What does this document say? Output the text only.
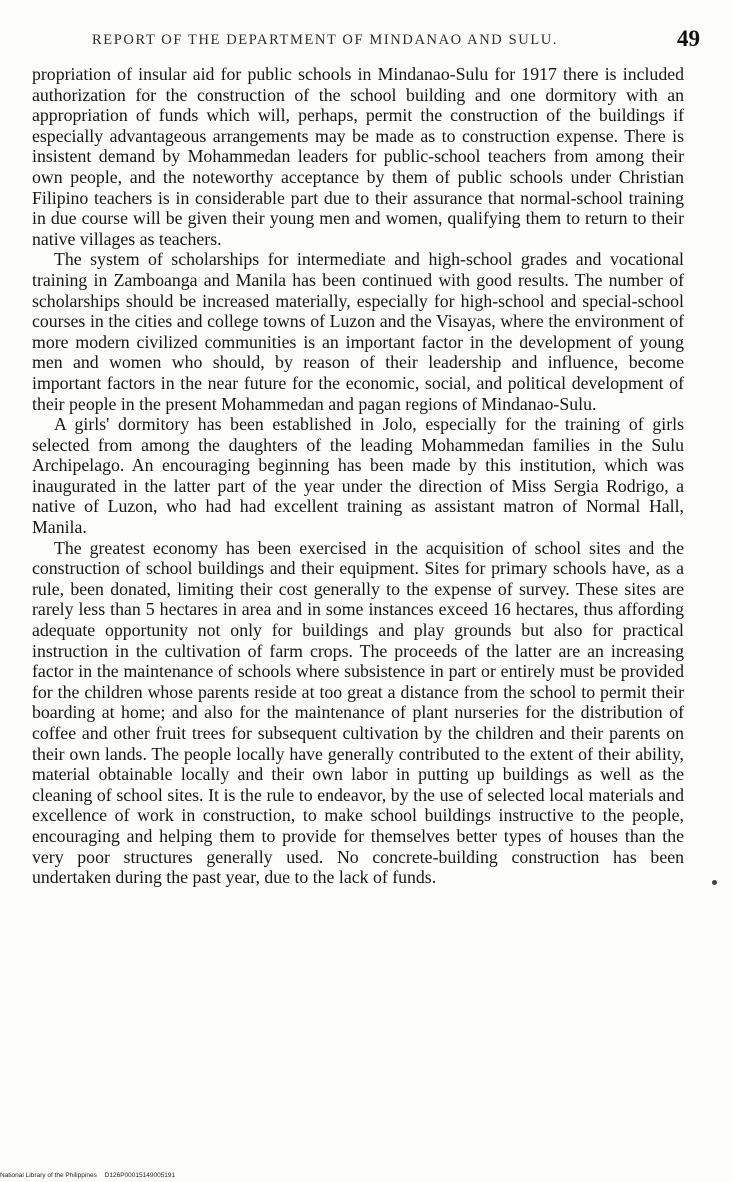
REPORT OF THE DEPARTMENT OF MINDANAO AND SULU.	49

propriation of insular aid for public schools in Mindanao-Sulu for 1917 there is included authorization for the construction of the school building and one dormitory with an appropriation of funds which will, perhaps, permit the construction of the buildings if especially advantageous arrangements may be made as to construction expense. There is insistent demand by Mohammedan leaders for public-school teachers from among their own people, and the noteworthy acceptance by them of public schools under Christian Filipino teachers is in considerable part due to their assurance that normal-school training in due course will be given their young men and women, qualifying them to return to their native villages as teachers.

The system of scholarships for intermediate and high-school grades and vocational training in Zamboanga and Manila has been continued with good results. The number of scholarships should be increased materially, especially for high-school and special-school courses in the cities and college towns of Luzon and the Visayas, where the environment of more modern civilized communities is an important factor in the development of young men and women who should, by reason of their leadership and influence, become important factors in the near future for the economic, social, and political development of their people in the present Mohammedan and pagan regions of Mindanao-Sulu.

A girls' dormitory has been established in Jolo, especially for the training of girls selected from among the daughters of the leading Mohammedan families in the Sulu Archipelago. An encouraging beginning has been made by this institution, which was inaugurated in the latter part of the year under the direction of Miss Sergia Rodrigo, a native of Luzon, who had had excellent training as assistant matron of Normal Hall, Manila.

The greatest economy has been exercised in the acquisition of school sites and the construction of school buildings and their equipment. Sites for primary schools have, as a rule, been donated, limiting their cost generally to the expense of survey. These sites are rarely less than 5 hectares in area and in some instances exceed 16 hectares, thus affording adequate opportunity not only for buildings and play grounds but also for practical instruction in the cultivation of farm crops. The proceeds of the latter are an increasing factor in the maintenance of schools where subsistence in part or entirely must be provided for the children whose parents reside at too great a distance from the school to permit their boarding at home; and also for the maintenance of plant nurseries for the distribution of coffee and other fruit trees for subsequent cultivation by the children and their parents on their own lands. The people locally have generally contributed to the extent of their ability, material obtainable locally and their own labor in putting up buildings as well as the cleaning of school sites. It is the rule to endeavor, by the use of selected local materials and excellence of work in construction, to make school buildings instructive to the people, encouraging and helping them to provide for themselves better types of houses than the very poor structures generally used. No concrete-building construction has been undertaken during the past year, due to the lack of funds.

National Library of the Philippines D126P00015149005191
